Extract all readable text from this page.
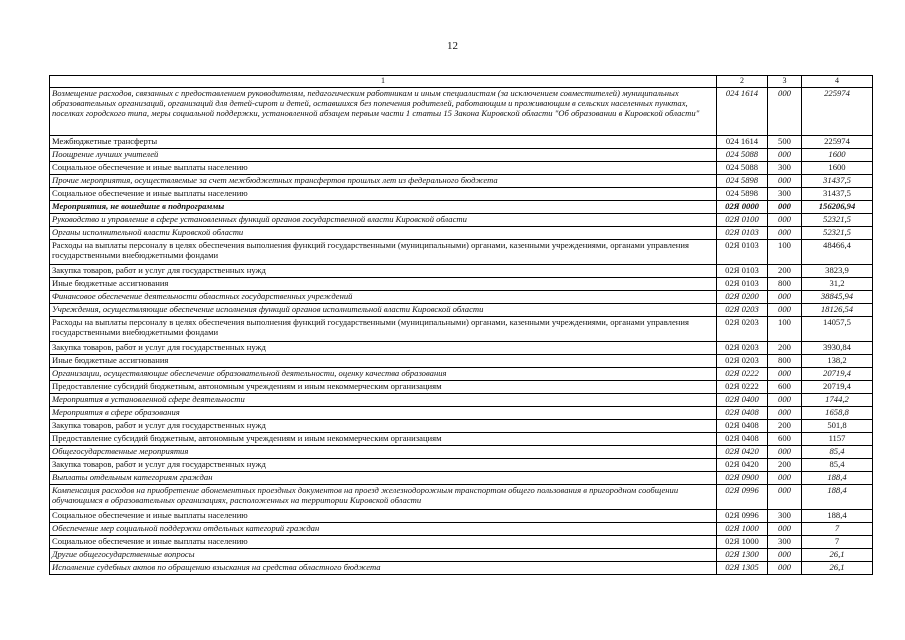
12
1	2	3	4
Возмещение расходов, связанных с предоставлением руководителям, педагогическим работникам и иным специалистам (за исключением совместителей) муниципальных образовательных организаций, организаций для детей-сирот и детей, оставшихся без попечения родителей, работающим и проживающим в сельских населенных пунктах, поселках городского типа, меры социальной поддержки, установленной абзацем первым части 1 статьи 15 Закона Кировской области "Об образовании в Кировской области"	024 1614	000	225974
Межбюджетные трансферты	024 1614	500	225974
Поощрение лучших учителей	024 5088	000	1600
Социальное обеспечение и иные выплаты населению	024 5088	300	1600
Прочие мероприятия, осуществляемые за счет межбюджетных трансфертов прошлых лет из федерального бюджета	024 5898	000	31437,5
Социальное обеспечение и иные выплаты населению	024 5898	300	31437,5
Мероприятия, не вошедшие в подпрограммы	02Я 0000	000	156206,94
Руководство и управление в сфере установленных функций органов государственной власти Кировской области	02Я 0100	000	52321,5
Органы исполнительной власти Кировской области	02Я 0103	000	52321,5
Расходы на выплаты персоналу в целях обеспечения выполнения функций государственными (муниципальными) органами, казенными учреждениями, органами управления государственными внебюджетными фондами	02Я 0103	100	48466,4
Закупка товаров, работ и услуг для государственных нужд	02Я 0103	200	3823,9
Иные бюджетные ассигнования	02Я 0103	800	31,2
Финансовое обеспечение деятельности областных государственных учреждений	02Я 0200	000	38845,94
Учреждения, осуществляющие обеспечение исполнения функций органов исполнительной власти Кировской области	02Я 0203	000	18126,54
Расходы на выплаты персоналу в целях обеспечения выполнения функций государственными (муниципальными) органами, казенными учреждениями, органами управления государственными внебюджетными фондами	02Я 0203	100	14057,5
Закупка товаров, работ и услуг для государственных нужд	02Я 0203	200	3930,84
Иные бюджетные ассигнования	02Я 0203	800	138,2
Организации, осуществляющие обеспечение образовательной деятельности, оценку качества образования	02Я 0222	000	20719,4
Предоставление субсидий бюджетным, автономным учреждениям и иным некоммерческим организациям	02Я 0222	600	20719,4
Мероприятия в установленной сфере деятельности	02Я 0400	000	1744,2
Мероприятия в сфере образования	02Я 0408	000	1658,8
Закупка товаров, работ и услуг для государственных нужд	02Я 0408	200	501,8
Предоставление субсидий бюджетным, автономным учреждениям и иным некоммерческим организациям	02Я 0408	600	1157
Общегосударственные мероприятия	02Я 0420	000	85,4
Закупка товаров, работ и услуг для государственных нужд	02Я 0420	200	85,4
Выплаты отдельным категориям граждан	02Я 0900	000	188,4
Компенсация расходов на приобретение абонементных проездных документов на проезд железнодорожным транспортом общего пользования в пригородном сообщении обучающимся в образовательных организациях, расположенных на территории Кировской области	02Я 0996	000	188,4
Социальное обеспечение и иные выплаты населению	02Я 0996	300	188,4
Обеспечение мер социальной поддержки отдельных категорий граждан	02Я 1000	000	7
Социальное обеспечение и иные выплаты населению	02Я 1000	300	7
Другие общегосударственные вопросы	02Я 1300	000	26,1
Исполнение судебных актов по обращению взыскания на средства областного бюджета	02Я 1305	000	26,1
